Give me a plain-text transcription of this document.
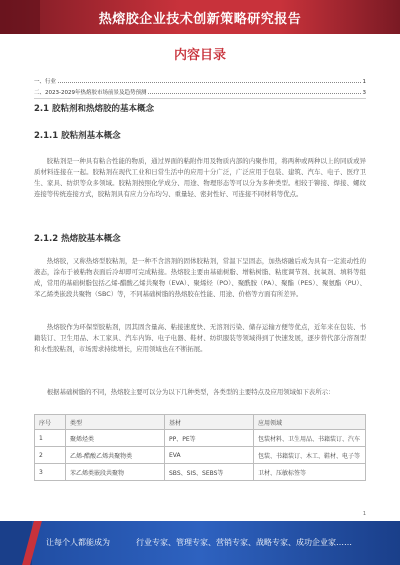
热熔胶企业技术创新策略研究报告
内容目录
一、行业	1
二、2023-2029年热熔胶市场前景及趋势预测	3
2.1 胶粘剂和热熔胶的基本概念
2.1.1 胶粘剂基本概念
胶粘剂是一种具有粘合性能的物质，通过界面的粘附作用及物质内部的内聚作用，将两种或两种以上的同质或异质材料连接在一起。胶粘剂在现代工业和日常生活中的应用十分广泛，广泛应用于包装、建筑、汽车、电子、医疗卫生、家具、纺织等众多领域。胶粘剂按照化学成分、用途、物理形态等可以分为多种类型。相较于铆接、焊接、螺纹连接等传统连接方式，胶粘剂具有应力分布均匀、重量轻、密封性好、可连接不同材料等优点。
2.1.2 热熔胶基本概念
热熔胶，又称热熔型胶粘剂，是一种不含溶剂的固体胶粘剂，常温下呈固态，加热熔融后成为具有一定流动性的液态，涂布于被粘物表面后冷却即可完成粘接。热熔胶主要由基础树脂、增粘树脂、粘度调节剂、抗氧剂、填料等组成，常用的基础树脂包括乙烯-醋酸乙烯共聚物（EVA）、聚烯烃（PO）、聚酰胺（PA）、聚酯（PES）、聚氨酯（PU）、苯乙烯类嵌段共聚物（SBC）等，不同基础树脂的热熔胶在性能、用途、价格等方面有所差异。
热熔胶作为环保型胶粘剂，因其固含量高、粘接速度快、无溶剂污染、储存运输方便等优点，近年来在包装、书籍装订、卫生用品、木工家具、汽车内饰、电子电器、鞋材、纺织服装等领域得到了快速发展，逐步替代部分溶剂型和水性胶粘剂，市场需求持续增长，应用领域也在不断拓展。
根据基础树脂的不同，热熔胶主要可以分为以下几种类型，各类型的主要特点及应用领域如下表所示：
序号	类型	基材	应用领域
1	聚烯烃类	PP、PE等	包装材料、卫生用品、书籍装订、汽车
2	乙烯-醋酸乙烯共聚物类	EVA	包装、书籍装订、木工、鞋材、电子等
3	苯乙烯类嵌段共聚物	SBS、SIS、SEBS等	卫材、压敏标签等
1
让每个人都能成为	行业专家、管理专家、营销专家、战略专家、成功企业家……
